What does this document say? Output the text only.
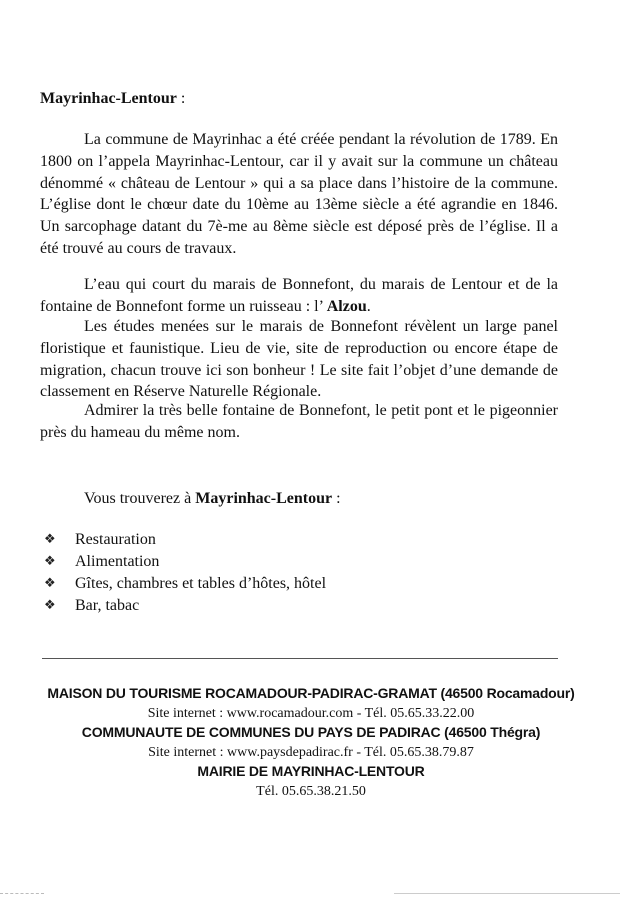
Mayrinhac-Lentour :
La commune de Mayrinhac a été créée pendant la révolution de 1789. En 1800 on l’appela Mayrinhac-Lentour, car il y avait sur la commune un château dénommé « château de Lentour » qui a sa place dans l’histoire de la commune. L’église dont le chœur date du 10ème au 13ème siècle a été agrandie en 1846. Un sarcophage datant du 7è-me au 8ème siècle est déposé près de l’église. Il a été trouvé au cours de travaux.
L’eau qui court du marais de Bonnefont, du marais de Lentour et de la fontaine de Bonnefont forme un ruisseau : l’ Alzou.
Les études menées sur le marais de Bonnefont révèlent un large panel floristique et faunistique. Lieu de vie, site de reproduction ou encore étape de migration, chacun trouve ici son bonheur ! Le site fait l’objet d’une demande de classement en Réserve Naturelle Régionale.
Admirer la très belle fontaine de Bonnefont, le petit pont et le pigeonnier près du hameau du même nom.
Vous trouverez à Mayrinhac-Lentour :
❖	Restauration
❖	Alimentation
❖	Gîtes, chambres et tables d’hôtes, hôtel
❖	Bar, tabac
MAISON DU TOURISME ROCAMADOUR-PADIRAC-GRAMAT (46500 Rocamadour)
Site internet : www.rocamadour.com - Tél. 05.65.33.22.00
COMMUNAUTE DE COMMUNES DU PAYS DE PADIRAC (46500 Thégra)
Site internet : www.paysdepadirac.fr - Tél. 05.65.38.79.87
MAIRIE DE MAYRINHAC-LENTOUR
Tél. 05.65.38.21.50
